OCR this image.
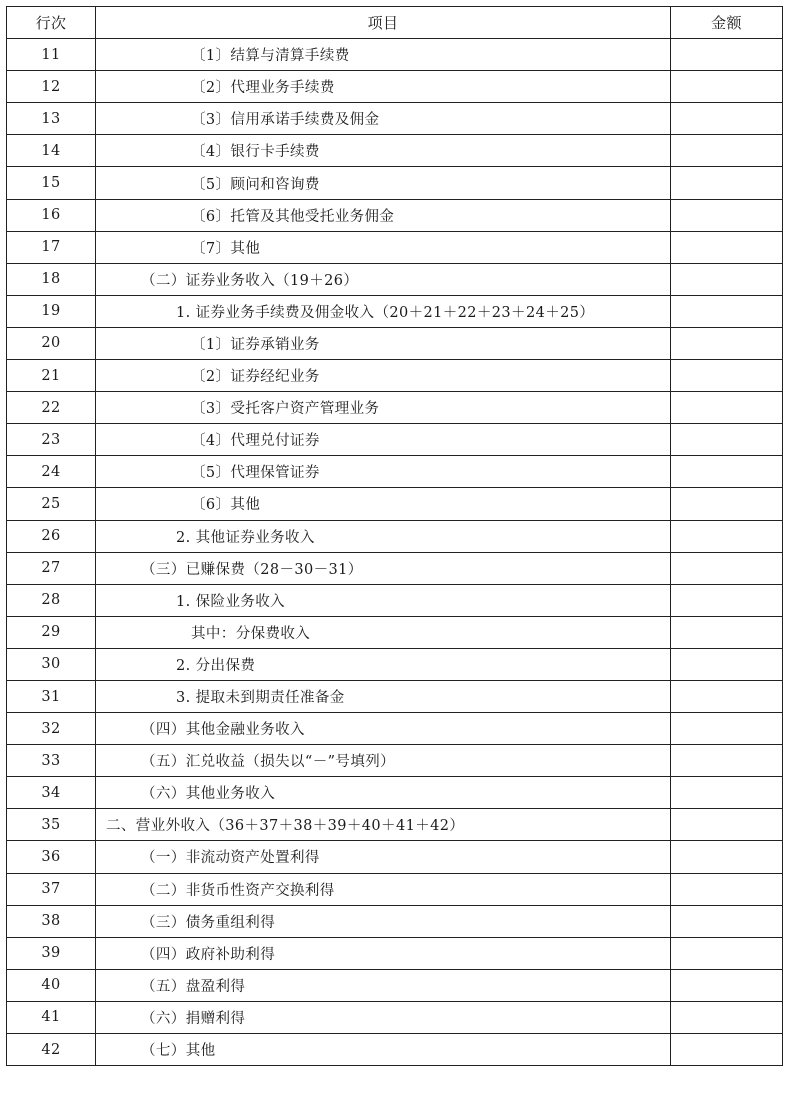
行次	项目	金额
11	〔1〕结算与清算手续费	
12	〔2〕代理业务手续费	
13	〔3〕信用承诺手续费及佣金	
14	〔4〕银行卡手续费	
15	〔5〕顾问和咨询费	
16	〔6〕托管及其他受托业务佣金	
17	〔7〕其他	
18	（二）证券业务收入（19＋26）	
19	1. 证券业务手续费及佣金收入（20＋21＋22＋23＋24＋25）	
20	〔1〕证券承销业务	
21	〔2〕证券经纪业务	
22	〔3〕受托客户资产管理业务	
23	〔4〕代理兑付证券	
24	〔5〕代理保管证券	
25	〔6〕其他	
26	2. 其他证券业务收入	
27	（三）已赚保费（28－30－31）	
28	1. 保险业务收入	
29	其中：分保费收入	
30	2. 分出保费	
31	3. 提取未到期责任准备金	
32	（四）其他金融业务收入	
33	（五）汇兑收益（损失以“－”号填列）	
34	（六）其他业务收入	
35	二、营业外收入（36＋37＋38＋39＋40＋41＋42）	
36	（一）非流动资产处置利得	
37	（二）非货币性资产交换利得	
38	（三）债务重组利得	
39	（四）政府补助利得	
40	（五）盘盈利得	
41	（六）捐赠利得	
42	（七）其他	
